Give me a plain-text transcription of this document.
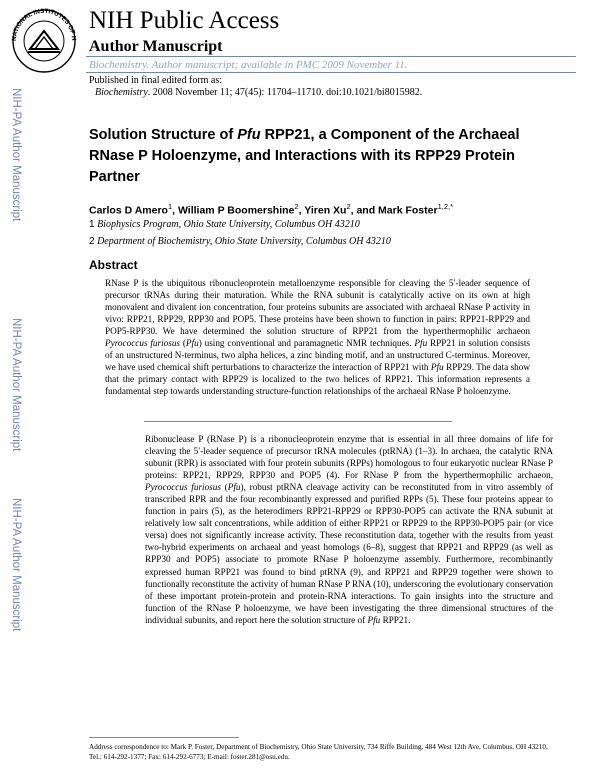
NATIONAL INSTITUTES OF H
NIH Public Access
Author Manuscript
Biochemistry. Author manuscript; available in PMC 2009 November 11.
Published in final edited form as:
Biochemistry. 2008 November 11; 47(45): 11704–11710. doi:10.1021/bi8015982.
NIH-PA Author Manuscript
NIH-PA Author Manuscript
NIH-PA Author Manuscript
Solution Structure of Pfu RPP21, a Component of the Archaeal RNase P Holoenzyme, and Interactions with its RPP29 Protein Partner
Carlos D Amero$^1$, William P Boomershine$^2$, Yiren Xu$^2$, and Mark Foster$^{1,2,*}$
1 Biophysics Program, Ohio State University, Columbus OH 43210
2 Department of Biochemistry, Ohio State University, Columbus OH 43210
Abstract
RNase P is the ubiquitous ribonucleoprotein metalloenzyme responsible for cleaving the 5′-leader sequence of precursor tRNAs during their maturation. While the RNA subunit is catalytically active on its own at high monovalent and divalent ion concentration, four proteins subunits are associated with archaeal RNase P activity in vivo: RPP21, RPP29, RPP30 and POP5. These proteins have been shown to function in pairs: RPP21-RPP29 and POP5-RPP30. We have determined the solution structure of RPP21 from the hyperthermophilic archaeon Pyrococcus furiosus (Pfu) using conventional and paramagnetic NMR techniques. Pfu RPP21 in solution consists of an unstructured N-terminus, two alpha helices, a zinc binding motif, and an unstructured C-terminus. Moreover, we have used chemical shift perturbations to characterize the interaction of RPP21 with Pfu RPP29. The data show that the primary contact with RPP29 is localized to the two helices of RPP21. This information represents a fundamental step towards understanding structure-function relationships of the archaeal RNase P holoenzyme.
Ribonuclease P (RNase P) is a ribonucleoprotein enzyme that is essential in all three domains of life for cleaving the 5′-leader sequence of precursor tRNA molecules (ptRNA) (1–3). In archaea, the catalytic RNA subunit (RPR) is associated with four protein subunits (RPPs) homologous to four eukaryotic nuclear RNase P proteins: RPP21, RPP29, RPP30 and POP5 (4). For RNase P from the hyperthermophilic archaeon, Pyrococcus furiosus (Pfu), robust ptRNA cleavage activity can be reconstituted from in vitro assembly of transcribed RPR and the four recombinantly expressed and purified RPPs (5). These four proteins appear to function in pairs (5), as the heterodimers RPP21-RPP29 or RPP30-POP5 can activate the RNA subunit at relatively low salt concentrations, while addition of either RPP21 or RPP29 to the RPP30-POP5 pair (or vice versa) does not significantly increase activity. These reconstitution data, together with the results from yeast two-hybrid experiments on archaeal and yeast homologs (6–8), suggest that RPP21 and RPP29 (as well as RPP30 and POP5) associate to promote RNase P holoenzyme assembly. Furthermore, recombinantly expressed human RPP21 was found to bind ptRNA (9), and RPP21 and RPP29 together were shown to functionally reconstitute the activity of human RNase P RNA (10), underscoring the evolutionary conservation of these important protein-protein and protein-RNA interactions. To gain insights into the structure and function of the RNase P holoenzyme, we have been investigating the three dimensional structures of the individual subunits, and report here the solution structure of Pfu RPP21.
Address correspondence to: Mark P. Foster, Department of Biochemistry, Ohio State University, 734 Riffe Building, 484 West 12th Ave, Columbus, OH 43210, Tel.: 614-292-1377; Fax: 614-292-6773; E-mail: foster.281@osu.edu.
